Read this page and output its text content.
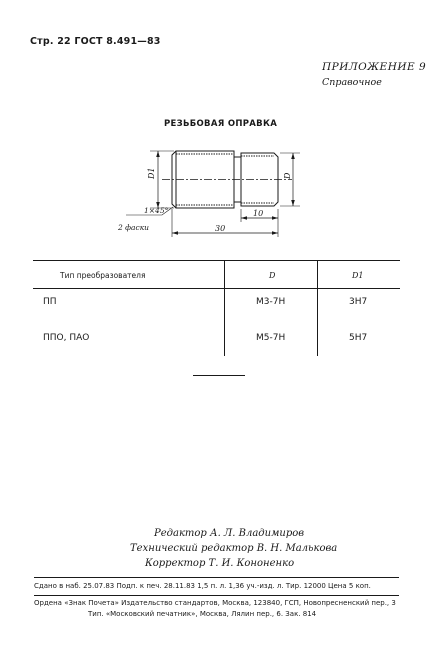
Стр. 22 ГОСТ 8.491—83
ПРИЛОЖЕНИЕ 9
Справочное
РЕЗЬБОВАЯ ОПРАВКА
D1	D
1×45°
2 фаски
10
30
Тип преобразователя	D	D1
ПП	М3-7Н	3Н7
ППО, ПАО	М5-7Н	5Н7
Редактор А. Л. Владимиров
Технический редактор В. Н. Малькова
Корректор Т. И. Кононенко
Сдано в наб. 25.07.83 Подп. к печ. 28.11.83 1,5 п. л. 1,36 уч.-изд. л. Тир. 12000 Цена 5 коп.
Ордена «Знак Почета» Издательство стандартов, Москва, 123840, ГСП, Новопресненский пер., 3
Тип. «Московский печатник», Москва, Лялин пер., 6. Зак. 814
